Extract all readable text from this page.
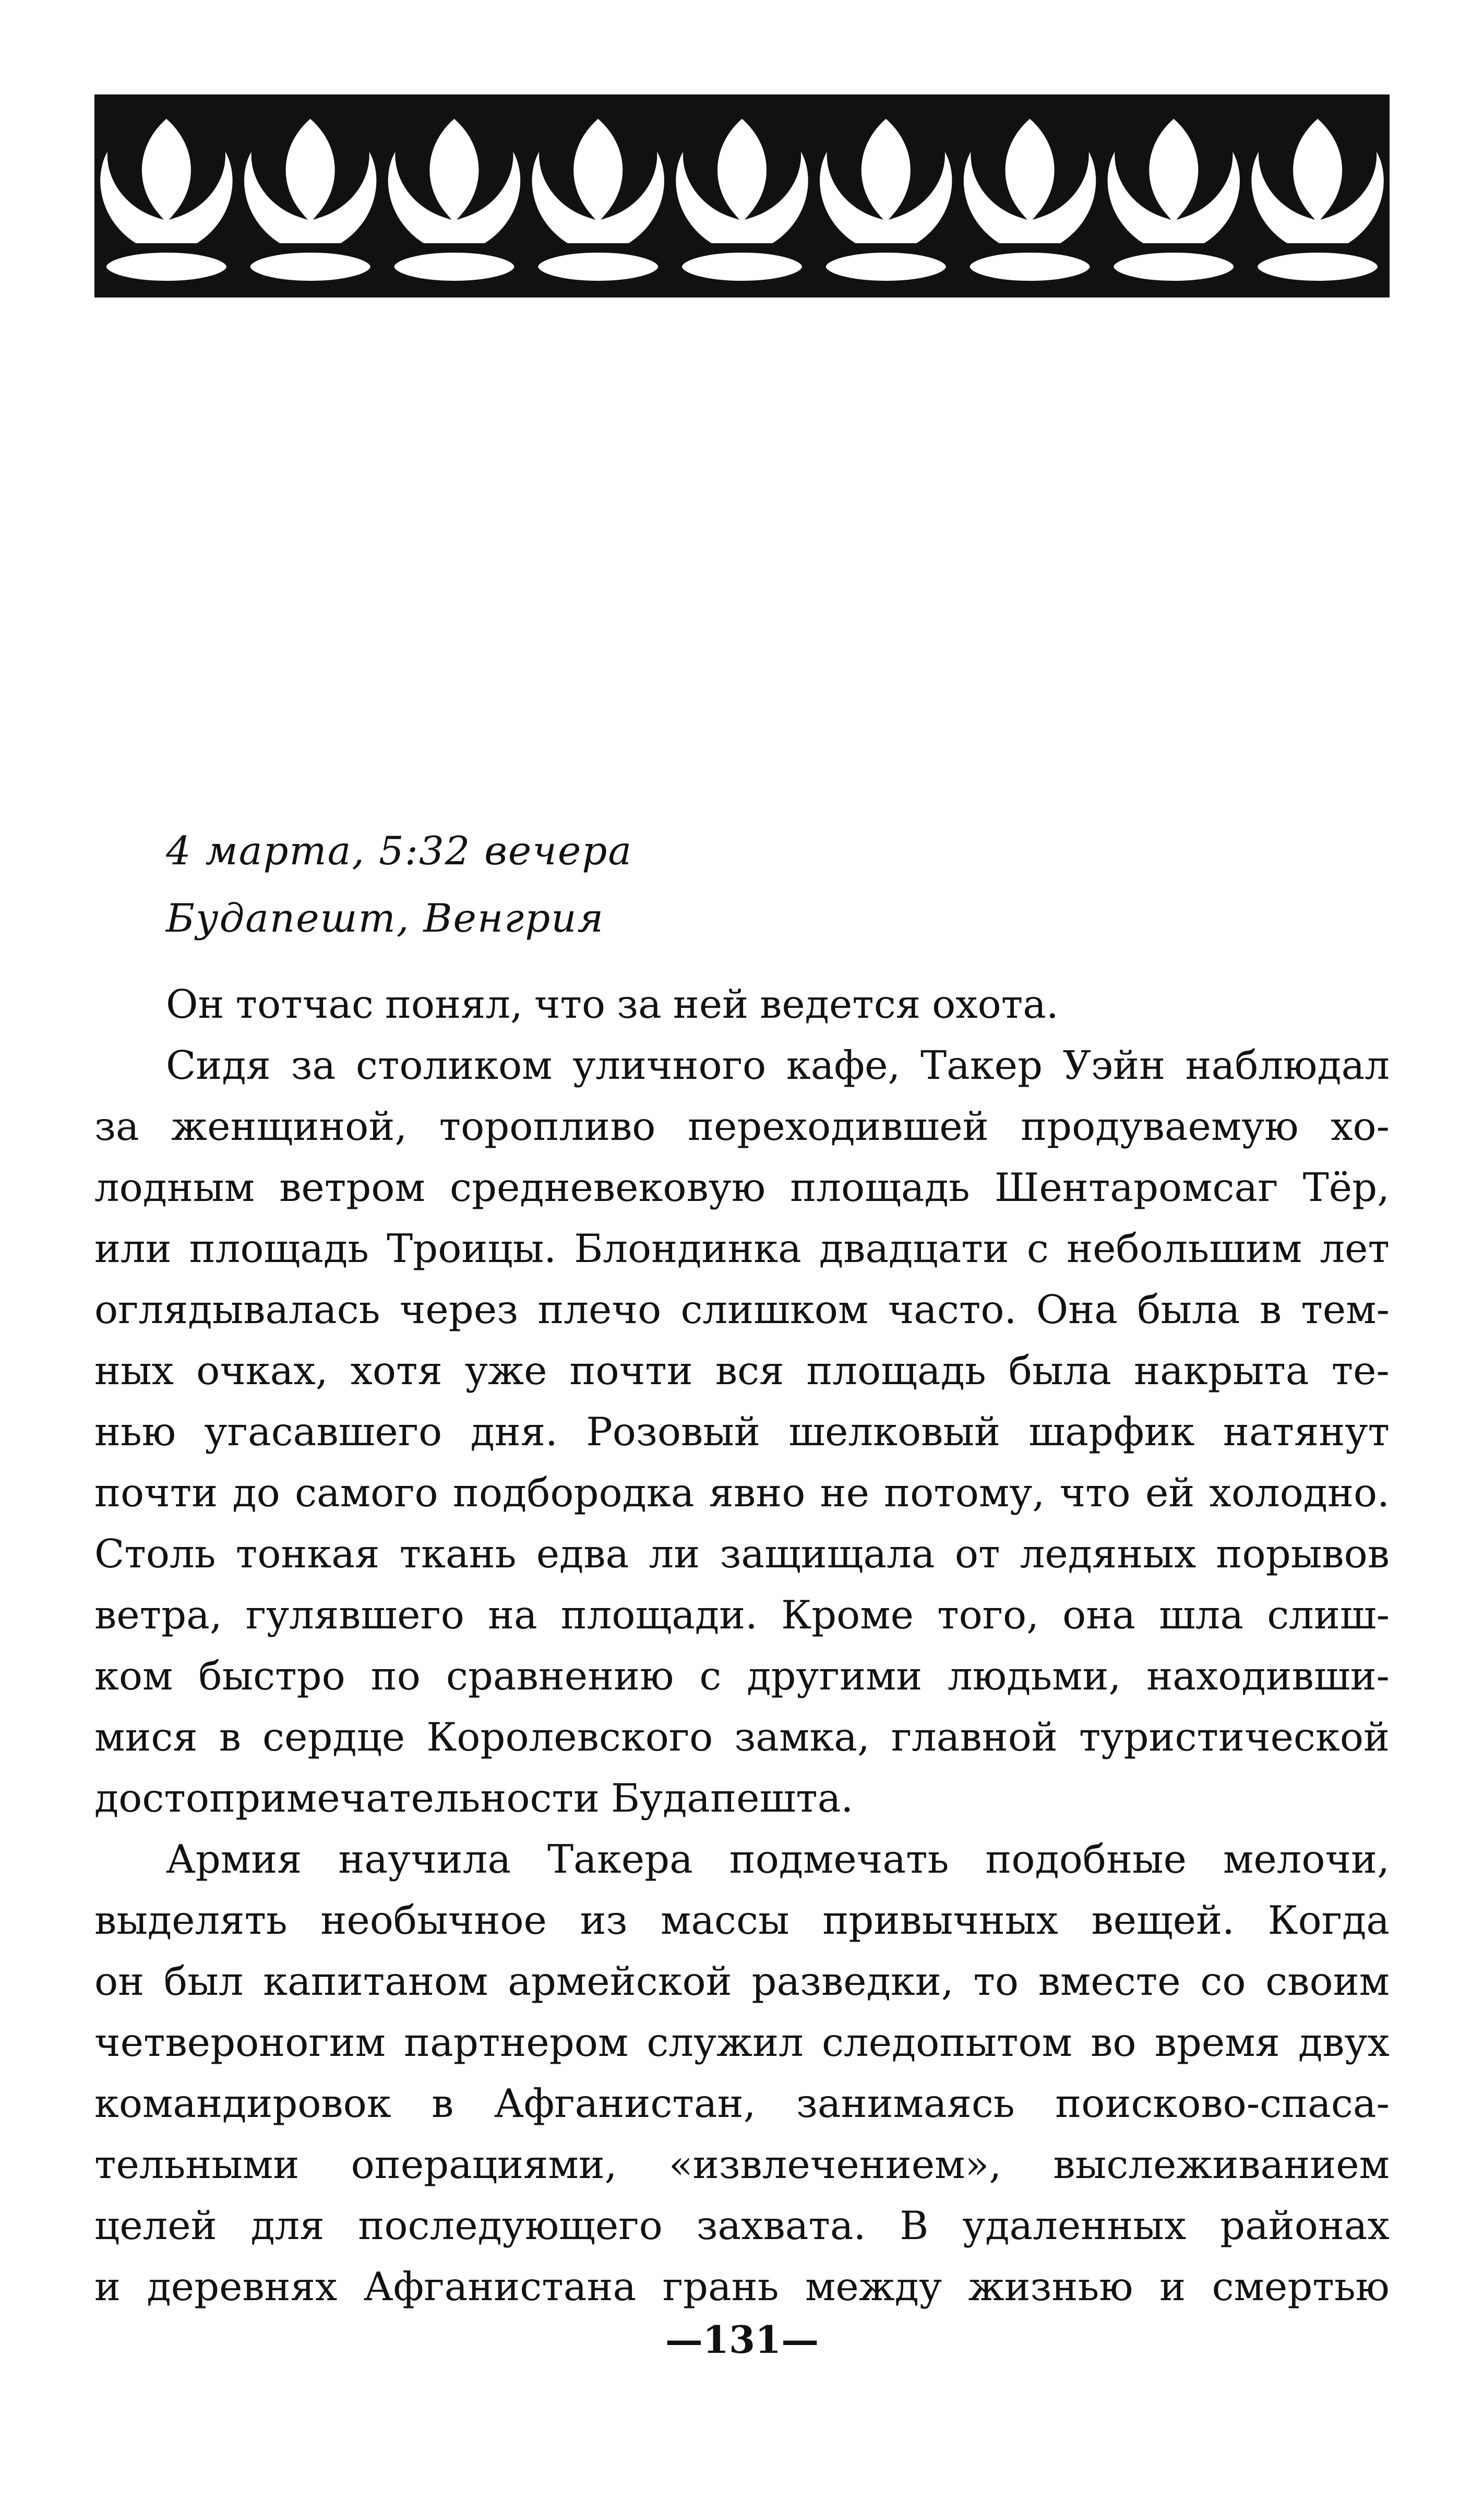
4 марта, 5:32 вечера
Будапешт, Венгрия
Он тотчас понял, что за ней ведется охота.
Сидя за столиком уличного кафе, Такер Уэйн наблюдал
за женщиной, торопливо переходившей продуваемую хо-
лодным ветром средневековую площадь Шентаромсаг Тёр,
или площадь Троицы. Блондинка двадцати с небольшим лет
оглядывалась через плечо слишком часто. Она была в тем-
ных очках, хотя уже почти вся площадь была накрыта те-
нью угасавшего дня. Розовый шелковый шарфик натянут
почти до самого подбородка явно не потому, что ей холодно.
Столь тонкая ткань едва ли защищала от ледяных порывов
ветра, гулявшего на площади. Кроме того, она шла слиш-
ком быстро по сравнению с другими людьми, находивши-
мися в сердце Королевского замка, главной туристической
достопримечательности Будапешта.
Армия научила Такера подмечать подобные мелочи,
выделять необычное из массы привычных вещей. Когда
он был капитаном армейской разведки, то вместе со своим
четвероногим партнером служил следопытом во время двух
командировок в Афганистан, занимаясь поисково-спаса-
тельными операциями, «извлечением», выслеживанием
целей для последующего захвата. В удаленных районах
и деревнях Афганистана грань между жизнью и смертью
—131—
